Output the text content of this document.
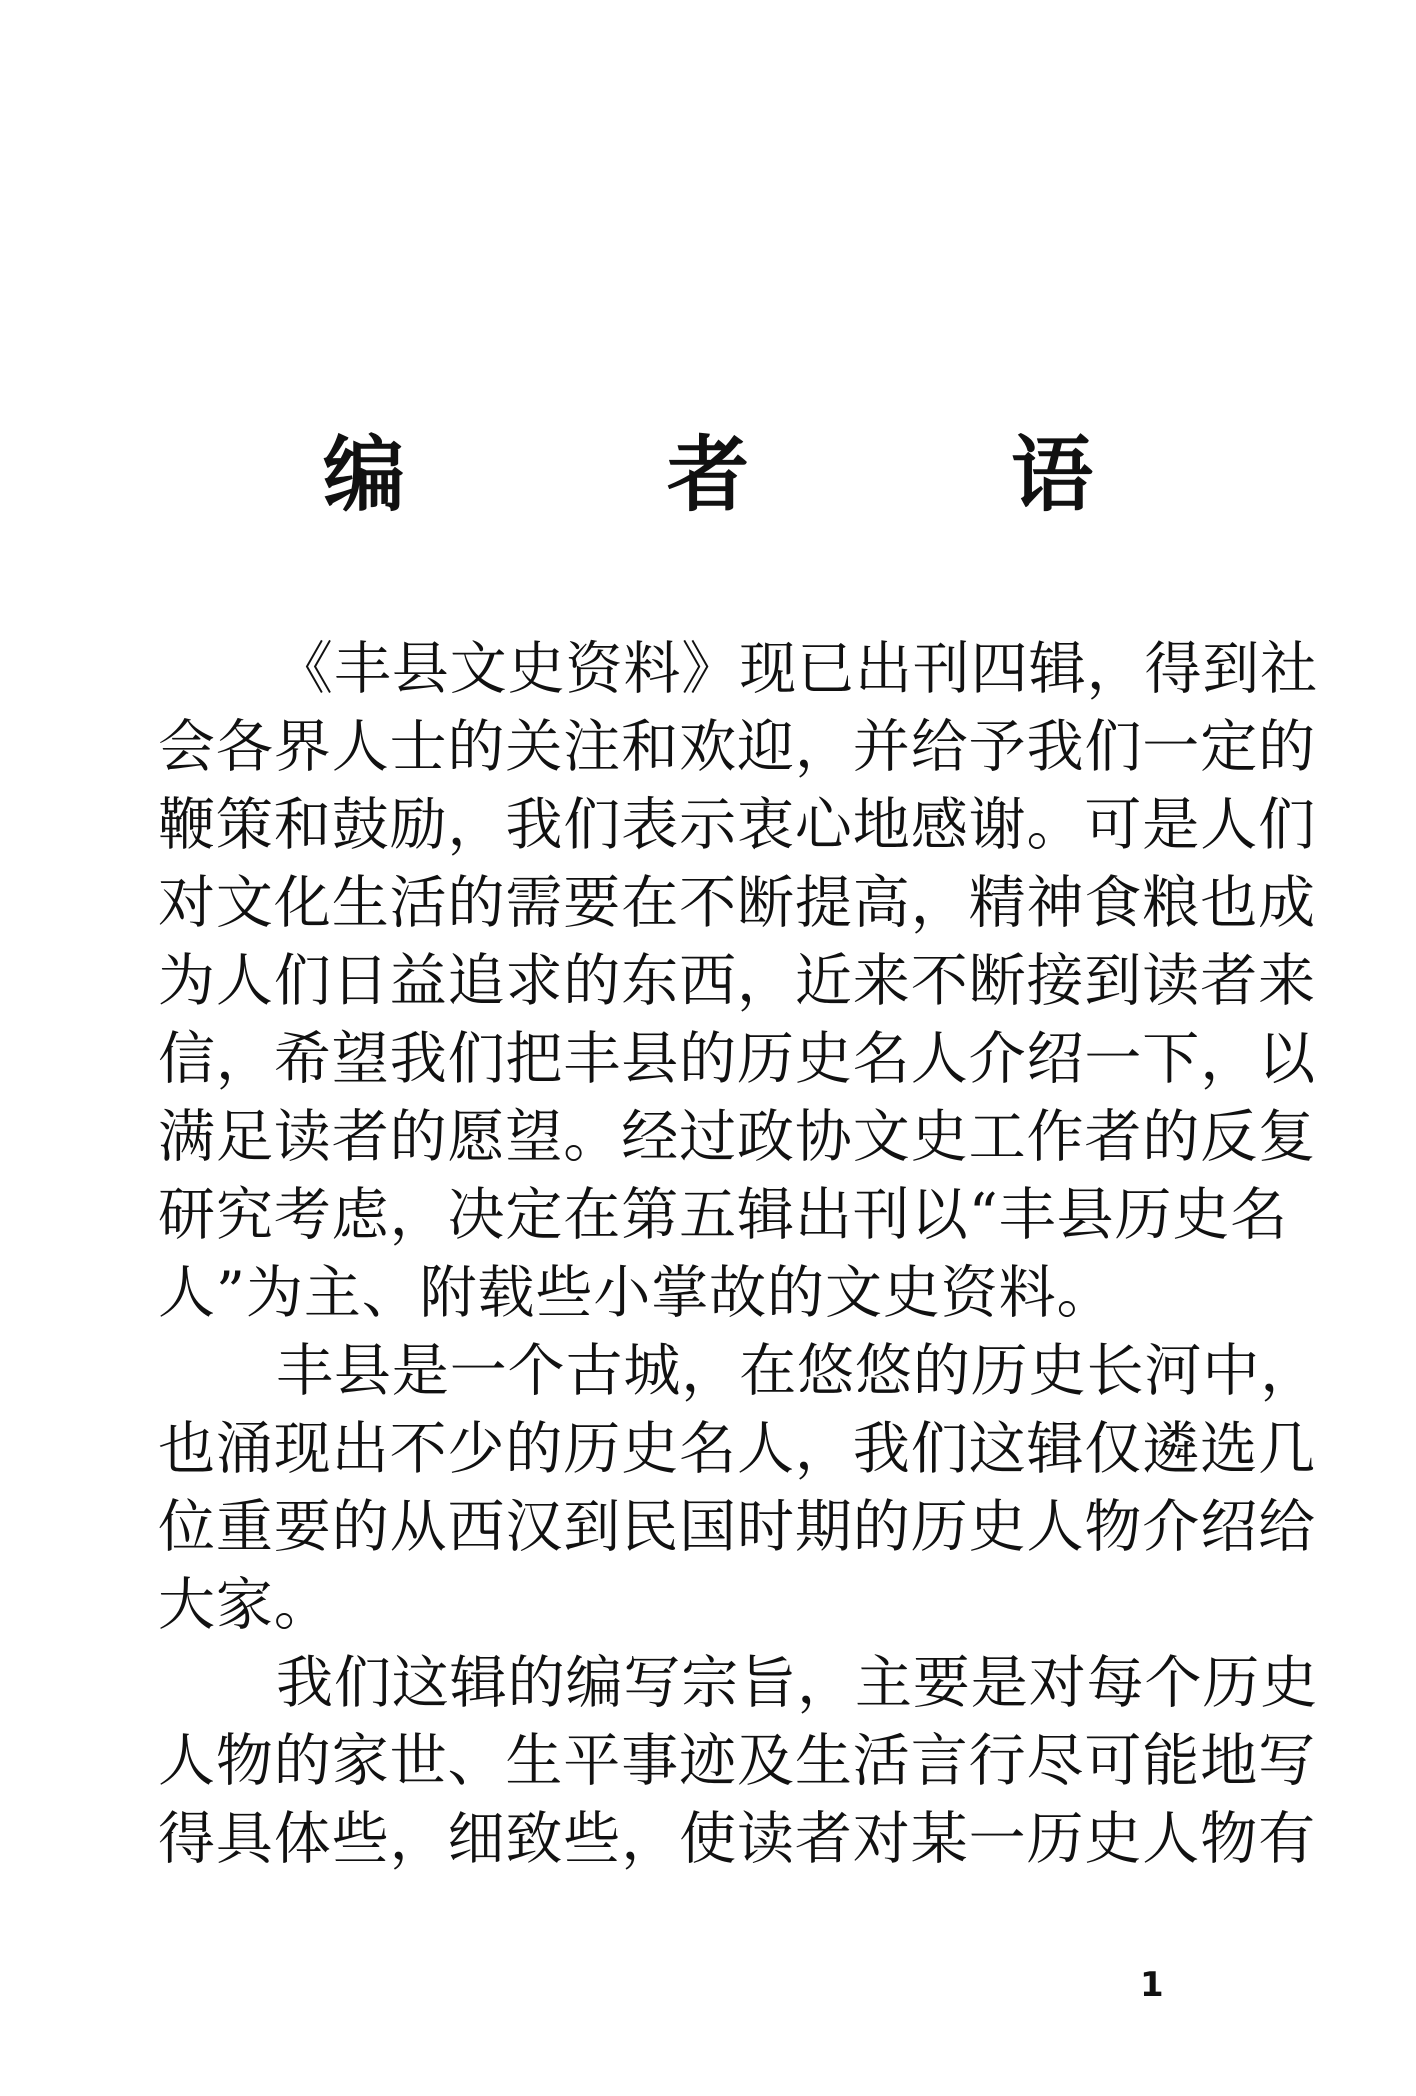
编　者　语
《丰县文史资料》现已出刊四辑，得到社
会各界人士的关注和欢迎，并给予我们一定的
鞭策和鼓励，我们表示衷心地感谢。可是人们
对文化生活的需要在不断提高，精神食粮也成
为人们日益追求的东西，近来不断接到读者来
信，希望我们把丰县的历史名人介绍一下，以
满足读者的愿望。经过政协文史工作者的反复
研究考虑，决定在第五辑出刊以“丰县历史名
人”为主、附载些小掌故的文史资料。
丰县是一个古城，在悠悠的历史长河中，
也涌现出不少的历史名人，我们这辑仅遴选几
位重要的从西汉到民国时期的历史人物介绍给
大家。
我们这辑的编写宗旨，主要是对每个历史
人物的家世、生平事迹及生活言行尽可能地写
得具体些，细致些，使读者对某一历史人物有
1
